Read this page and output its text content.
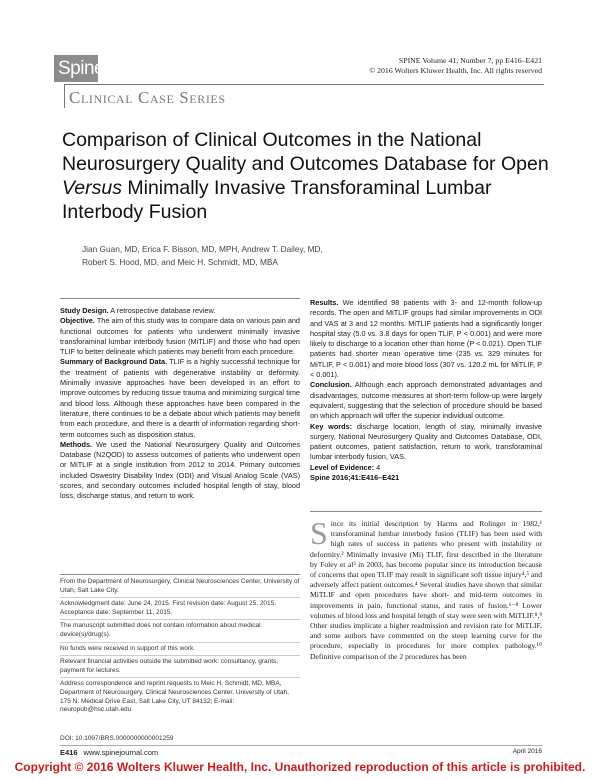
Spine
Clinical Case Series
SPINE Volume 41, Number 7, pp E416–E421
© 2016 Wolters Kluwer Health, Inc. All rights reserved
Comparison of Clinical Outcomes in the National Neurosurgery Quality and Outcomes Database for Open Versus Minimally Invasive Transforaminal Lumbar Interbody Fusion
Jian Guan, MD, Erica F. Bisson, MD, MPH, Andrew T. Dailey, MD,
Robert S. Hood, MD, and Meic H. Schmidt, MD, MBA

Study Design. A retrospective database review.

Objective. The aim of this study was to compare data on various pain and functional outcomes for patients who underwent minimally invasive transforaminal lumbar interbody fusion (MiTLIF) and those who had open TLIF to better delineate which patients may benefit from each procedure.

Summary of Background Data. TLIF is a highly successful technique for the treatment of patients with degenerative instability or deformity. Minimally invasive approaches have been developed in an effort to improve outcomes by reducing tissue trauma and minimizing surgical time and blood loss. Although these approaches have been compared in the literature, there continues to be a debate about which patients may benefit from each procedure, and there is a dearth of information regarding short-term outcomes such as disposition status.

Methods. We used the National Neurosurgery Quality and Outcomes Database (N2QOD) to assess outcomes of patients who underwent open or MiTLIF at a single institution from 2012 to 2014. Primary outcomes included Oswestry Disability Index (ODI) and Visual Analog Scale (VAS) scores, and secondary outcomes included hospital length of stay, blood loss, discharge status, and return to work.

Results. We identified 98 patients with 3- and 12-month follow-up records. The open and MiTLIF groups had similar improvements in ODI and VAS at 3 and 12 months. MiTLIF patients had a significantly longer hospital stay (5.0 vs. 3.8 days for open TLIF, P < 0.001) and were more likely to discharge to a location other than home (P < 0.021). Open TLIF patients had shorter mean operative time (235 vs. 329 minutes for MiTLIF, P < 0.001) and more blood loss (307 vs. 120.2 mL for MiTLIF, P < 0.001).

Conclusion. Although each approach demonstrated advantages and disadvantages, outcome measures at short-term follow-up were largely equivalent, suggesting that the selection of procedure should be based on which approach will offer the superior individual outcome.

Key words: discharge location, length of stay, minimally invasive surgery, National Neurosurgery Quality and Outcomes Database, ODI, patient outcomes, patient satisfaction, return to work, transforaminal lumbar interbody fusion, VAS.

Level of Evidence: 4

Spine 2016;41:E416–E421

Since its initial description by Harms and Rolinger in 1982,¹ transforaminal lumbar interbody fusion (TLIF) has been used with high rates of success in patients who present with instability or deformity.² Minimally invasive (Mi) TLIF, first described in the literature by Foley et al³ in 2003, has become popular since its introduction because of concerns that open TLIF may result in significant soft tissue injury⁴,⁵ and adversely affect patient outcomes.⁴ Several studies have shown that similar MiTLIF and open procedures have short- and mid-term outcomes in improvements in pain, functional status, and rates of fusion.⁶⁻⁸ Lower volumes of blood loss and hospital length of stay were seen with MiTLIF.⁸,⁹ Other studies implicate a higher readmission and revision rate for MiTLIF, and some authors have commented on the steep learning curve for the procedure, especially in procedures for more complex pathology.¹⁰ Definitive comparison of the 2 procedures has been

From the Department of Neurosurgery, Clinical Neurosciences Center, University of Utah, Salt Lake City.

Acknowledgment date: June 24, 2015. First revision date: August 25, 2015. Acceptance date: September 11, 2015.

The manuscript submitted does not contain information about medical device(s)/drug(s).

No funds were received in support of this work.

Relevant financial activities outside the submitted work: consultancy, grants, payment for lectures.

Address correspondence and reprint requests to Meic H. Schmidt, MD, MBA, Department of Neurosurgery, Clinical Neurosciences Center, University of Utah, 175 N. Medical Drive East, Salt Lake City, UT 84132; E-mail: neuropub@hsc.utah.edu

DOI: 10.1097/BRS.0000000000001259
E416 www.spinejournal.com	April 2016
Copyright © 2016 Wolters Kluwer Health, Inc. Unauthorized reproduction of this article is prohibited.
